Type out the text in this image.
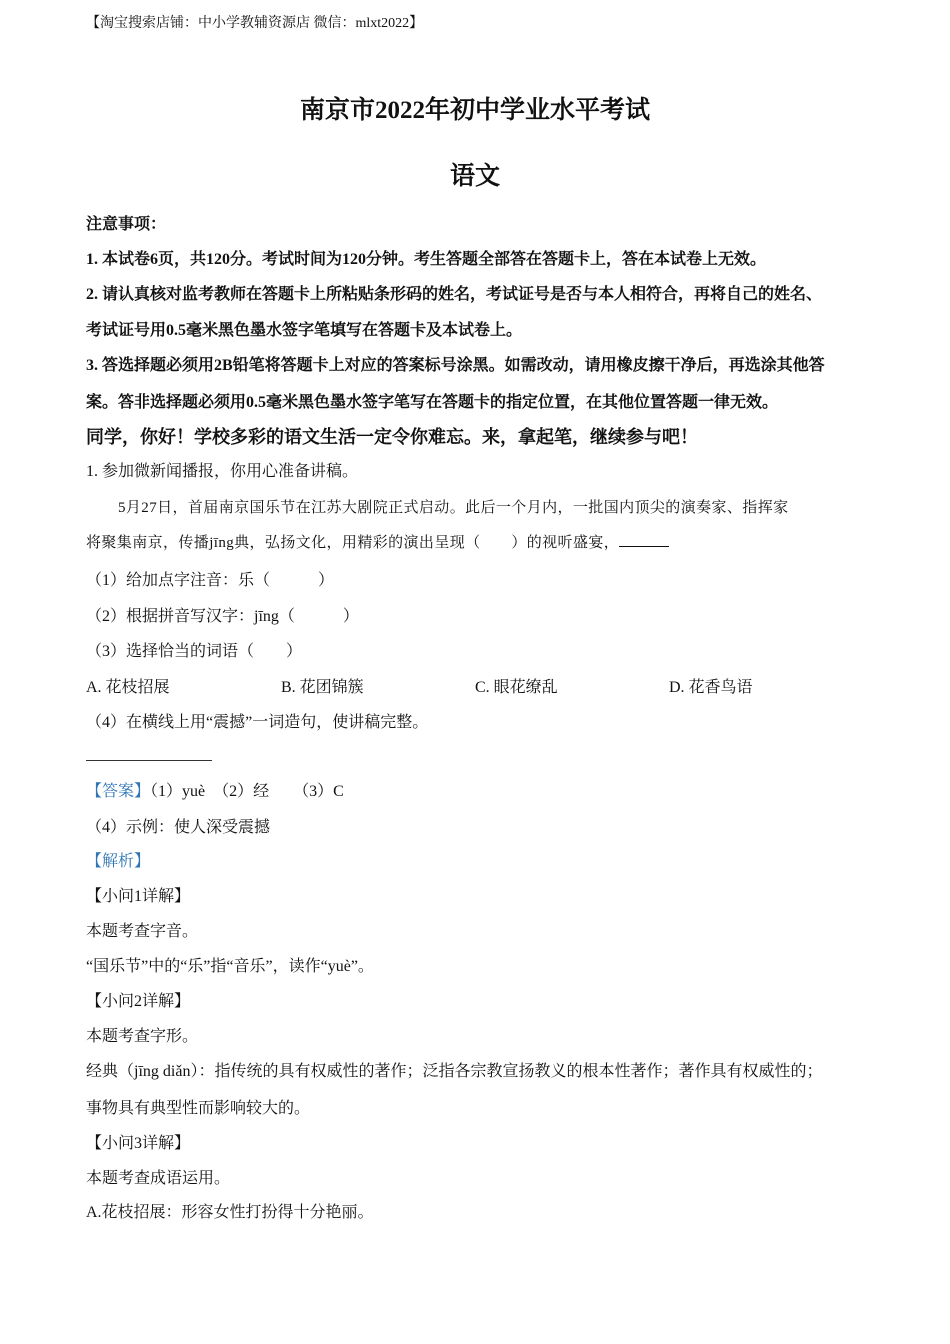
【淘宝搜索店铺：中小学教辅资源店 微信：mlxt2022】
南京市2022年初中学业水平考试
语文
注意事项：
1. 本试卷6页，共120分。考试时间为120分钟。考生答题全部答在答题卡上，答在本试卷上无效。
2. 请认真核对监考教师在答题卡上所粘贴条形码的姓名，考试证号是否与本人相符合，再将自己的姓名、
考试证号用0.5毫米黑色墨水签字笔填写在答题卡及本试卷上。
3. 答选择题必须用2B铅笔将答题卡上对应的答案标号涂黑。如需改动，请用橡皮擦干净后，再选涂其他答
案。答非选择题必须用0.5毫米黑色墨水签字笔写在答题卡的指定位置，在其他位置答题一律无效。
同学，你好！学校多彩的语文生活一定令你难忘。来，拿起笔，继续参与吧！
1. 参加微新闻播报，你用心准备讲稿。
5月27日，首届南京国乐节在江苏大剧院正式启动。此后一个月内，一批国内顶尖的演奏家、指挥家
将聚集南京，传播jīng典，弘扬文化，用精彩的演出呈现（　　）的视听盛宴，
（1）给加点字注音：乐（　　　）
（2）根据拼音写汉字：jīng（　　　）
（3）选择恰当的词语（　　）
A. 花枝招展	B. 花团锦簇	C. 眼花缭乱	D. 花香鸟语
（4）在横线上用“震撼”一词造句，使讲稿完整。
【答案】（1）yuè　（2）经　　（3）C
（4）示例：使人深受震撼
【解析】
【小问1详解】
本题考查字音。
“国乐节”中的“乐”指“音乐”，读作“yuè”。
【小问2详解】
本题考查字形。
经典（jīng diǎn）：指传统的具有权威性的著作；泛指各宗教宣扬教义的根本性著作；著作具有权威性的；
事物具有典型性而影响较大的。
【小问3详解】
本题考查成语运用。
A.花枝招展：形容女性打扮得十分艳丽。
